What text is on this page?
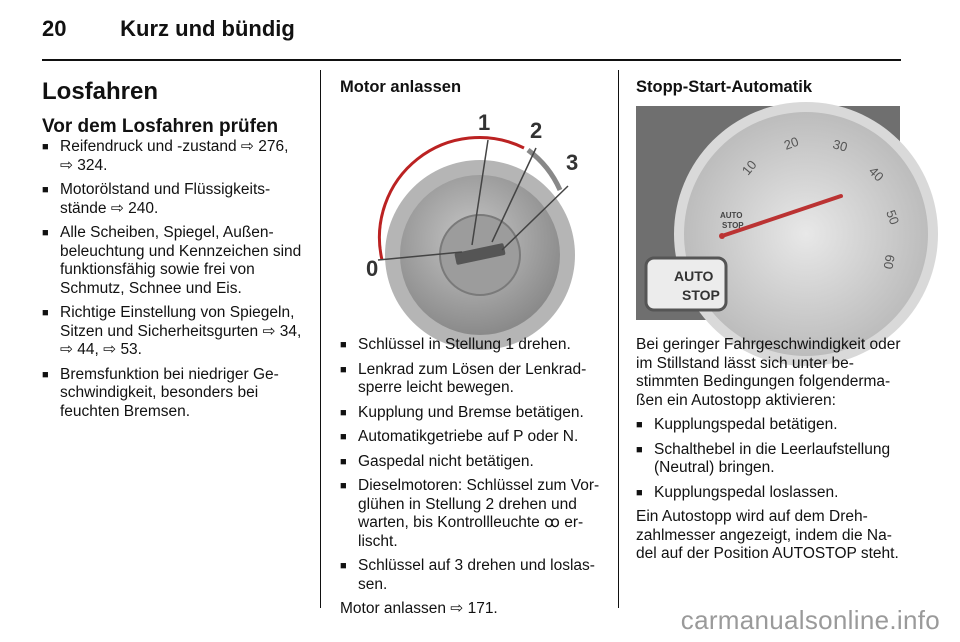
20 Kurz und bündig
Losfahren
Vor dem Losfahren prüfen
■ Reifendruck und -zustand ⇨ 276, ⇨ 324.
■ Motorölstand und Flüssigkeitsstände ⇨ 240.
■ Alle Scheiben, Spiegel, Außenbeleuchtung und Kennzeichen sind funktionsfähig sowie frei von Schmutz, Schnee und Eis.
■ Richtige Einstellung von Spiegeln, Sitzen und Sicherheitsgurten ⇨ 34, ⇨ 44, ⇨ 53.
■ Bremsfunktion bei niedriger Geschwindigkeit, besonders bei feuchten Bremsen.
Motor anlassen
0
1 2
3
■ Schlüssel in Stellung 1 drehen.
■ Lenkrad zum Lösen der Lenkradsperre leicht bewegen.
■ Kupplung und Bremse betätigen.
■ Automatikgetriebe auf P oder N.
■ Gaspedal nicht betätigen.
■ Dieselmotoren: Schlüssel zum Vorglühen in Stellung 2 drehen und warten, bis Kontrollleuchte ꝏ erlischt.
■ Schlüssel auf 3 drehen und loslassen.

Motor anlassen ⇨ 171.

Stopp-Start-Automatik
10
20 30
40
50
60
AUTO
STOP
AUTO
STOP

Bei geringer Fahrgeschwindigkeit oder im Stillstand lässt sich unter bestimmten Bedingungen folgendermaßen ein Autostopp aktivieren:

■ Kupplungspedal betätigen.
■ Schalthebel in die Leerlaufstellung (Neutral) bringen.
■ Kupplungspedal loslassen.

Ein Autostopp wird auf dem Drehzahlmesser angezeigt, indem die Nadel auf der Position AUTOSTOP steht.

carmanualsonline.info
